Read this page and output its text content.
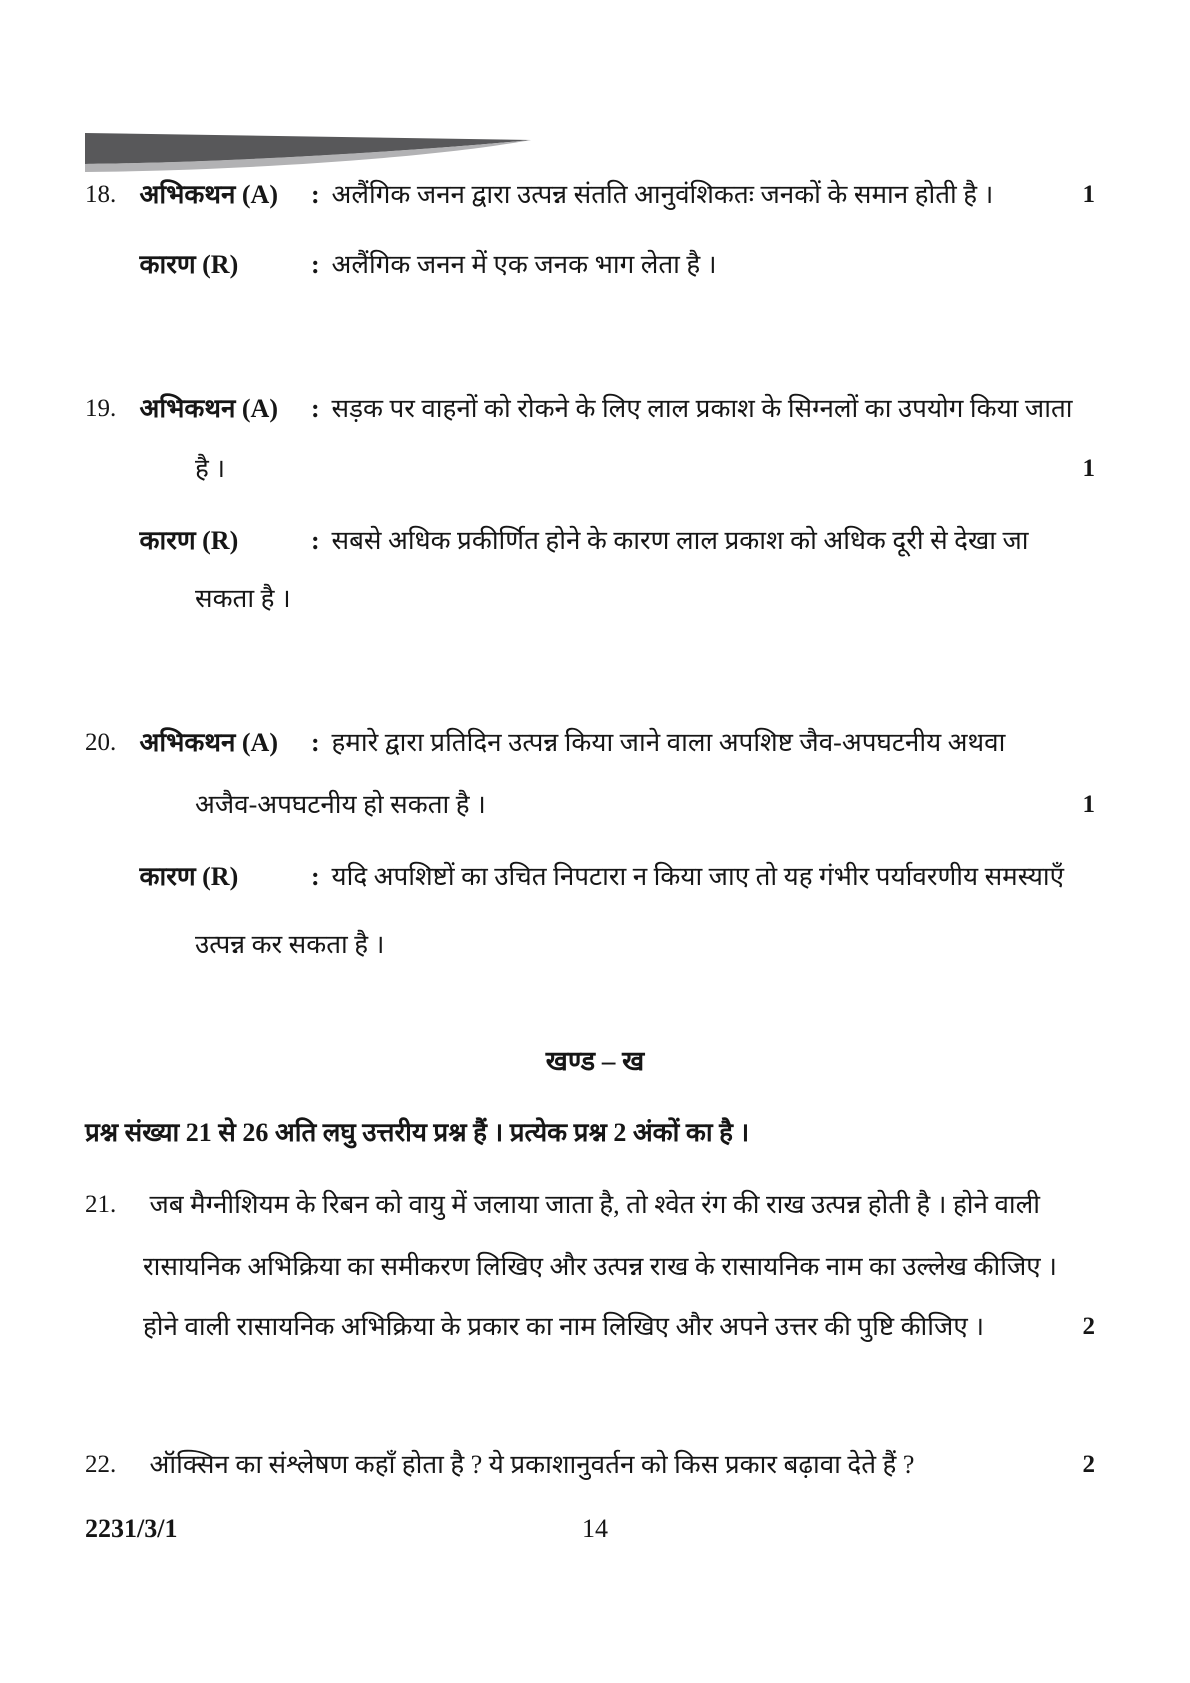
18. अभिकथन (A) : अलैंगिक जनन द्वारा उत्पन्न संतति आनुवंशिकतः जनकों के समान होती है ।	1
कारण (R)	: अलैंगिक जनन में एक जनक भाग लेता है ।
19. अभिकथन (A) : सड़क पर वाहनों को रोकने के लिए लाल प्रकाश के सिग्नलों का उपयोग किया जाता
है ।	1
कारण (R)	: सबसे अधिक प्रकीर्णित होने के कारण लाल प्रकाश को अधिक दूरी से देखा जा
सकता है ।
20. अभिकथन (A) : हमारे द्वारा प्रतिदिन उत्पन्न किया जाने वाला अपशिष्ट जैव-अपघटनीय अथवा
अजैव-अपघटनीय हो सकता है ।	1
कारण (R)	: यदि अपशिष्टों का उचित निपटारा न किया जाए तो यह गंभीर पर्यावरणीय समस्याएँ
उत्पन्न कर सकता है ।
खण्ड – ख
प्रश्न संख्या 21 से 26 अति लघु उत्तरीय प्रश्न हैं । प्रत्येक प्रश्न 2 अंकों का है ।
21. जब मैग्नीशियम के रिबन को वायु में जलाया जाता है, तो श्वेत रंग की राख उत्पन्न होती है । होने वाली
रासायनिक अभिक्रिया का समीकरण लिखिए और उत्पन्न राख के रासायनिक नाम का उल्लेख कीजिए ।
होने वाली रासायनिक अभिक्रिया के प्रकार का नाम लिखिए और अपने उत्तर की पुष्टि कीजिए ।	2
22. ऑक्सिन का संश्लेषण कहाँ होता है ? ये प्रकाशानुवर्तन को किस प्रकार बढ़ावा देते हैं ?	2
2231/3/1	14
